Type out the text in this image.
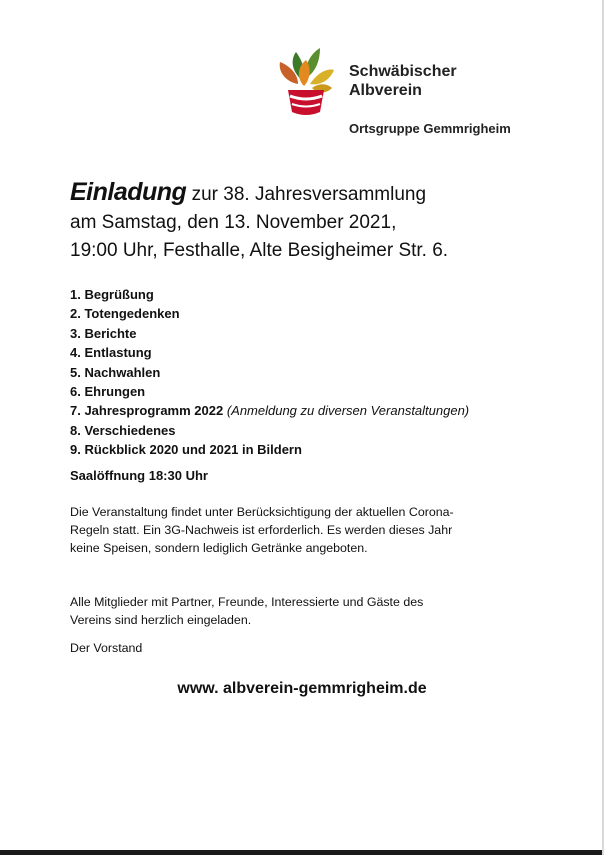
Schwäbischer
Albverein
Ortsgruppe Gemmrigheim
Einladung zur 38. Jahresversammlung
am Samstag, den 13. November 2021,
19:00 Uhr, Festhalle, Alte Besigheimer Str. 6.
1. Begrüßung
2. Totengedenken
3. Berichte
4. Entlastung
5. Nachwahlen
6. Ehrungen
7. Jahresprogramm 2022 (Anmeldung zu diversen Veranstaltungen)
8. Verschiedenes
9. Rückblick 2020 und 2021 in Bildern
Saalöffnung 18:30 Uhr
Die Veranstaltung findet unter Berücksichtigung der aktuellen Corona-
Regeln statt. Ein 3G-Nachweis ist erforderlich. Es werden dieses Jahr
keine Speisen, sondern lediglich Getränke angeboten.
Alle Mitglieder mit Partner, Freunde, Interessierte und Gäste des
Vereins sind herzlich eingeladen.
Der Vorstand
www. albverein-gemmrigheim.de
